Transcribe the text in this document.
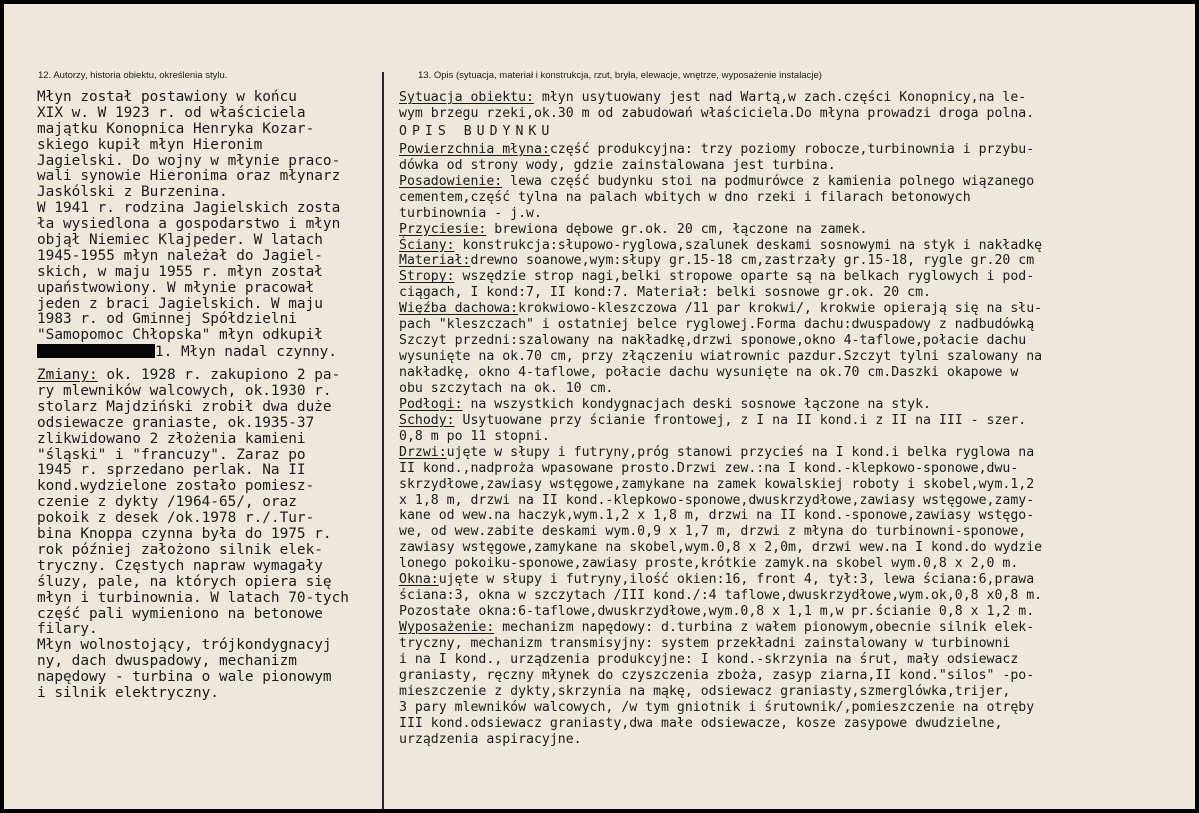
12. Autorzy, historia obiektu, określenia stylu.	13. Opis (sytuacja, materiał i konstrukcja, rzut, bryła, elewacje, wnętrze, wyposażenie instalacje)
Młyn został postawiony w końcu
XIX w. W 1923 r. od właściciela
majątku Konopnica Henryka Kozar-
skiego kupił młyn Hieronim
Jagielski. Do wojny w młynie praco-
wali synowie Hieronima oraz młynarz
Jaskólski z Burzenina.
W 1941 r. rodzina Jagielskich zosta
ła wysiedlona a gospodarstwo i młyn
objął Niemiec Klajpeder. W latach
1945-1955 młyn należał do Jagiel-
skich, w maju 1955 r. młyn został
upaństwowiony. W młynie pracował
jeden z braci Jagielskich. W maju
1983 r. od Gminnej Spółdzielni
"Samopomoc Chłopska" młyn odkupił
1. Młyn nadal czynny.
Zmiany: ok. 1928 r. zakupiono 2 pa-
ry mlewników walcowych, ok.1930 r.
stolarz Majdziński zrobił dwa duże
odsiewacze graniaste, ok.1935-37
zlikwidowano 2 złożenia kamieni
"śląski" i "francuzy". Zaraz po
1945 r. sprzedano perlak. Na II
kond.wydzielone zostało pomiesz-
czenie z dykty /1964-65/, oraz
pokoik z desek /ok.1978 r./.Tur-
bina Knoppa czynna była do 1975 r.
rok później założono silnik elek-
tryczny. Częstych napraw wymagały
śluzy, pale, na których opiera się
młyn i turbinownia. W latach 70-tych
część pali wymieniono na betonowe
filary.
Młyn wolnostojący, trójkondygnacyj
ny, dach dwuspadowy, mechanizm
napędowy - turbina o wale pionowym
i silnik elektryczny.
Sytuacja obiektu: młyn usytuowany jest nad Wartą,w zach.części Konopnicy,na le-
wym brzegu rzeki,ok.30 m od zabudowań właściciela.Do młyna prowadzi droga polna.
OPIS BUDYNKU
Powierzchnia młyna:część produkcyjna: trzy poziomy robocze,turbinownia i przybu-
dówka od strony wody, gdzie zainstalowana jest turbina.
Posadowienie: lewa część budynku stoi na podmurówce z kamienia polnego wiązanego
cementem,część tylna na palach wbitych w dno rzeki i filarach betonowych
turbinownia - j.w.
Przyciesie: brewiona dębowe gr.ok. 20 cm, łączone na zamek.
Ściany: konstrukcja:słupowo-ryglowa,szalunek deskami sosnowymi na styk i nakładkę
Materiał:drewno soanowe,wym:słupy gr.15-18 cm,zastrzały gr.15-18, rygle gr.20 cm
Stropy: wszędzie strop nagi,belki stropowe oparte są na belkach ryglowych i pod-
ciągach, I kond:7, II kond:7. Materiał: belki sosnowe gr.ok. 20 cm.
Więźba dachowa:krokwiowo-kleszczowa /11 par krokwi/, krokwie opierają się na słu-
pach "kleszczach" i ostatniej belce ryglowej.Forma dachu:dwuspadowy z nadbudówką
Szczyt przedni:szalowany na nakładkę,drzwi sponowe,okno 4-taflowe,połacie dachu
wysunięte na ok.70 cm, przy złączeniu wiatrownic pazdur.Szczyt tylni szalowany na
nakładkę, okno 4-taflowe, połacie dachu wysunięte na ok.70 cm.Daszki okapowe w
obu szczytach na ok. 10 cm.
Podłogi: na wszystkich kondygnacjach deski sosnowe łączone na styk.
Schody: Usytuowane przy ścianie frontowej, z I na II kond.i z II na III - szer.
0,8 m po 11 stopni.
Drzwi:ujęte w słupy i futryny,próg stanowi przycieś na I kond.i belka ryglowa na
II kond.,nadproża wpasowane prosto.Drzwi zew.:na I kond.-klepkowo-sponowe,dwu-
skrzydłowe,zawiasy wstęgowe,zamykane na zamek kowalskiej roboty i skobel,wym.1,2
x 1,8 m, drzwi na II kond.-klepkowo-sponowe,dwuskrzydłowe,zawiasy wstęgowe,zamy-
kane od wew.na haczyk,wym.1,2 x 1,8 m, drzwi na II kond.-sponowe,zawiasy wstęgo-
we, od wew.zabite deskami wym.0,9 x 1,7 m, drzwi z młyna do turbinowni-sponowe,
zawiasy wstęgowe,zamykane na skobel,wym.0,8 x 2,0m, drzwi wew.na I kond.do wydzie
lonego pokoiku-sponowe,zawiasy proste,krótkie zamyk.na skobel wym.0,8 x 2,0 m.
Okna:ujęte w słupy i futryny,ilość okien:16, front 4, tył:3, lewa ściana:6,prawa
ściana:3, okna w szczytach /III kond./:4 taflowe,dwuskrzydłowe,wym.ok,0,8 x0,8 m.
Pozostałe okna:6-taflowe,dwuskrzydłowe,wym.0,8 x 1,1 m,w pr.ścianie 0,8 x 1,2 m.
Wyposażenie: mechanizm napędowy: d.turbina z wałem pionowym,obecnie silnik elek-
tryczny, mechanizm transmisyjny: system przekładni zainstalowany w turbinowni
i na I kond., urządzenia produkcyjne: I kond.-skrzynia na śrut, mały odsiewacz
graniasty, ręczny młynek do czyszczenia zboża, zasyp ziarna,II kond."silos" -po-
mieszczenie z dykty,skrzynia na mąkę, odsiewacz graniasty,szmerglówka,trijer,
3 pary mlewników walcowych, /w tym gniotnik i śrutownik/,pomieszczenie na otręby
III kond.odsiewacz graniasty,dwa małe odsiewacze, kosze zasypowe dwudzielne,
urządzenia aspiracyjne.
